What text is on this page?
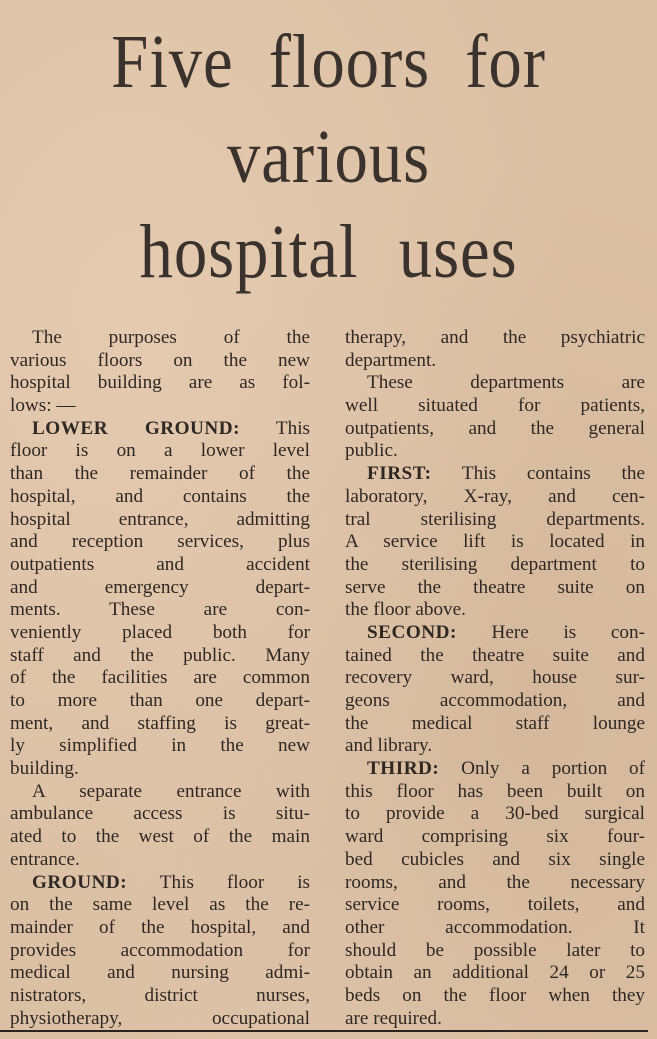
Five floors for
various
hospital uses
The purposes of the
various floors on the new
hospital building are as fol-
lows: —
LOWER GROUND: This
floor is on a lower level
than the remainder of the
hospital, and contains the
hospital entrance, admitting
and reception services, plus
outpatients and accident
and emergency depart-
ments. These are con-
veniently placed both for
staff and the public. Many
of the facilities are common
to more than one depart-
ment, and staffing is great-
ly simplified in the new
building.
A separate entrance with
ambulance access is situ-
ated to the west of the main
entrance.
GROUND: This floor is
on the same level as the re-
mainder of the hospital, and
provides accommodation for
medical and nursing admi-
nistrators, district nurses,
physiotherapy, occupational
therapy, and the psychiatric
department.
These departments are
well situated for patients,
outpatients, and the general
public.
FIRST: This contains the
laboratory, X-ray, and cen-
tral sterilising departments.
A service lift is located in
the sterilising department to
serve the theatre suite on
the floor above.
SECOND: Here is con-
tained the theatre suite and
recovery ward, house sur-
geons accommodation, and
the medical staff lounge
and library.
THIRD: Only a portion of
this floor has been built on
to provide a 30-bed surgical
ward comprising six four-
bed cubicles and six single
rooms, and the necessary
service rooms, toilets, and
other accommodation. It
should be possible later to
obtain an additional 24 or 25
beds on the floor when they
are required.
